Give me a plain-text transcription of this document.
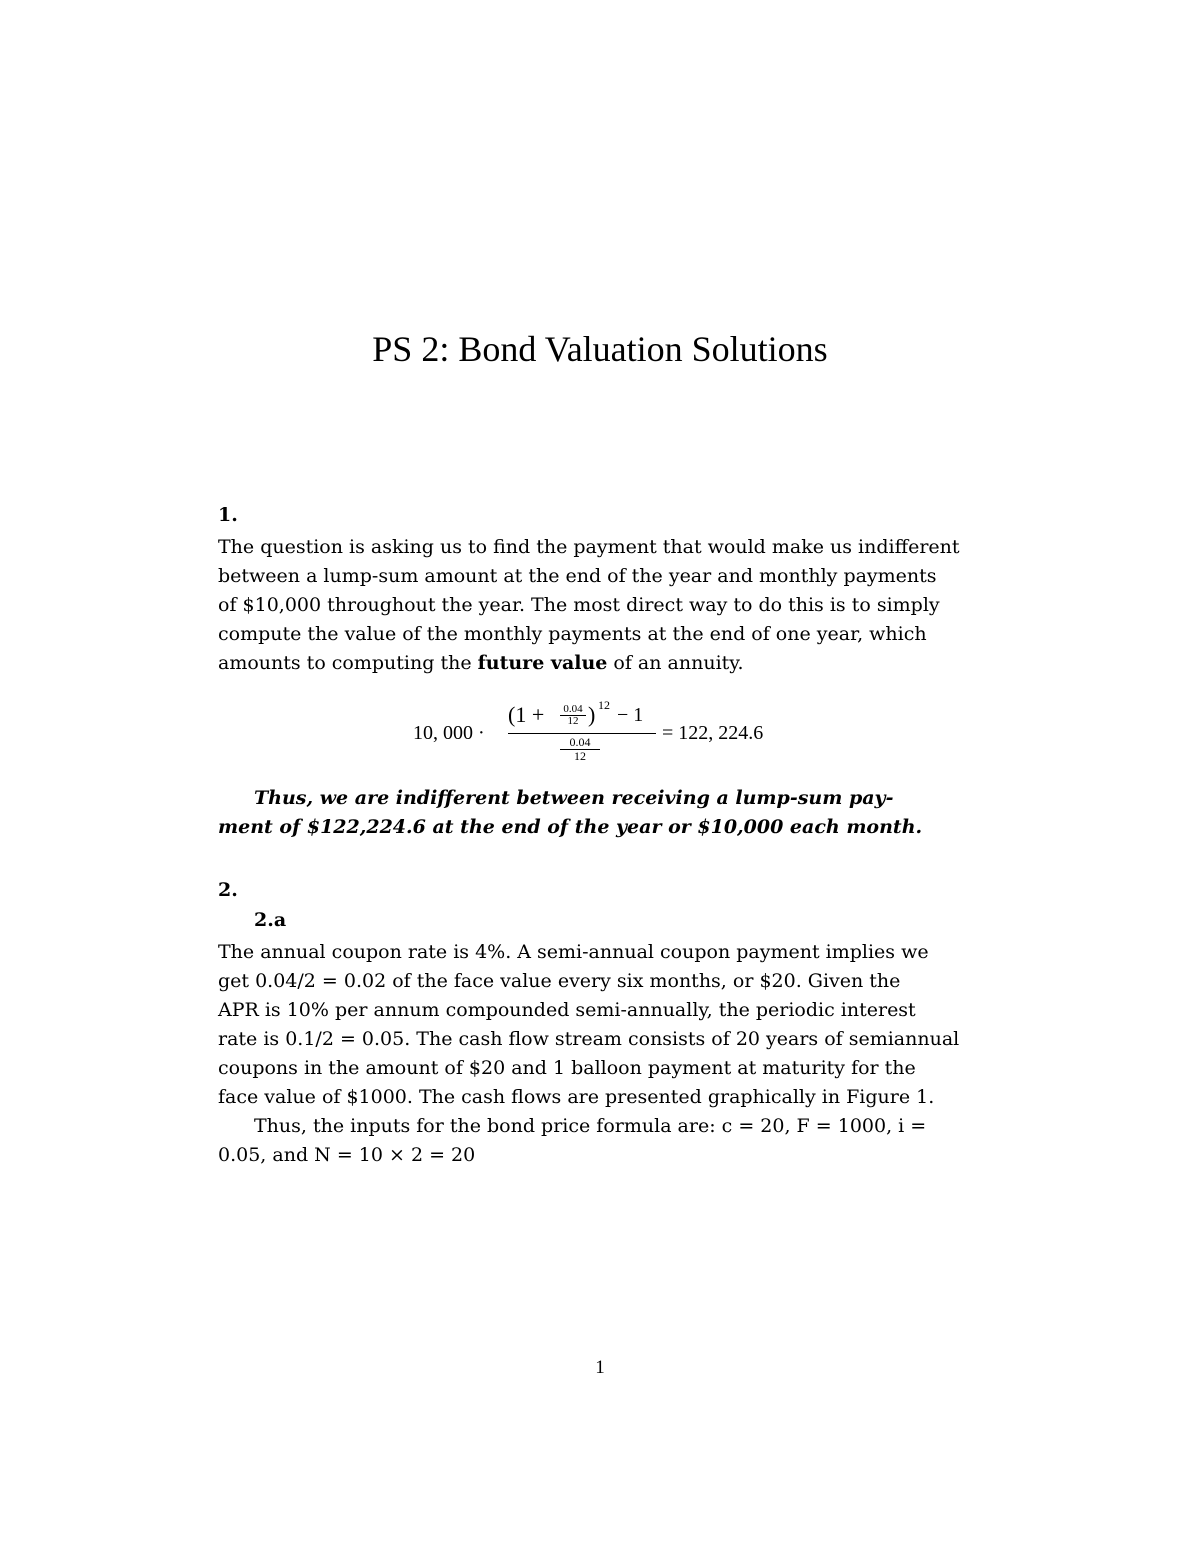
PS 2: Bond Valuation Solutions
1.
The question is asking us to find the payment that would make us indifferent
between a lump-sum amount at the end of the year and monthly payments
of $10,000 throughout the year. The most direct way to do this is to simply
compute the value of the monthly payments at the end of one year, which
amounts to computing the future value of an annuity.
10, 000 ·
($1 + \frac{0.04}{12}$ ) 12 − 1
$\frac{0.04}{12}$
= 122, 224.6
Thus, we are indifferent between receiving a lump-sum pay-
ment of $122,224.6 at the end of the year or $10,000 each month.
2.
2.a
The annual coupon rate is 4%. A semi-annual coupon payment implies we
get 0.04/2 = 0.02 of the face value every six months, or $20. Given the
APR is 10% per annum compounded semi-annually, the periodic interest
rate is 0.1/2 = 0.05. The cash flow stream consists of 20 years of semiannual
coupons in the amount of $20 and 1 balloon payment at maturity for the
face value of $1000. The cash flows are presented graphically in Figure 1.
Thus, the inputs for the bond price formula are: c = 20, F = 1000, i =
0.05, and N = 10 × 2 = 20
1
